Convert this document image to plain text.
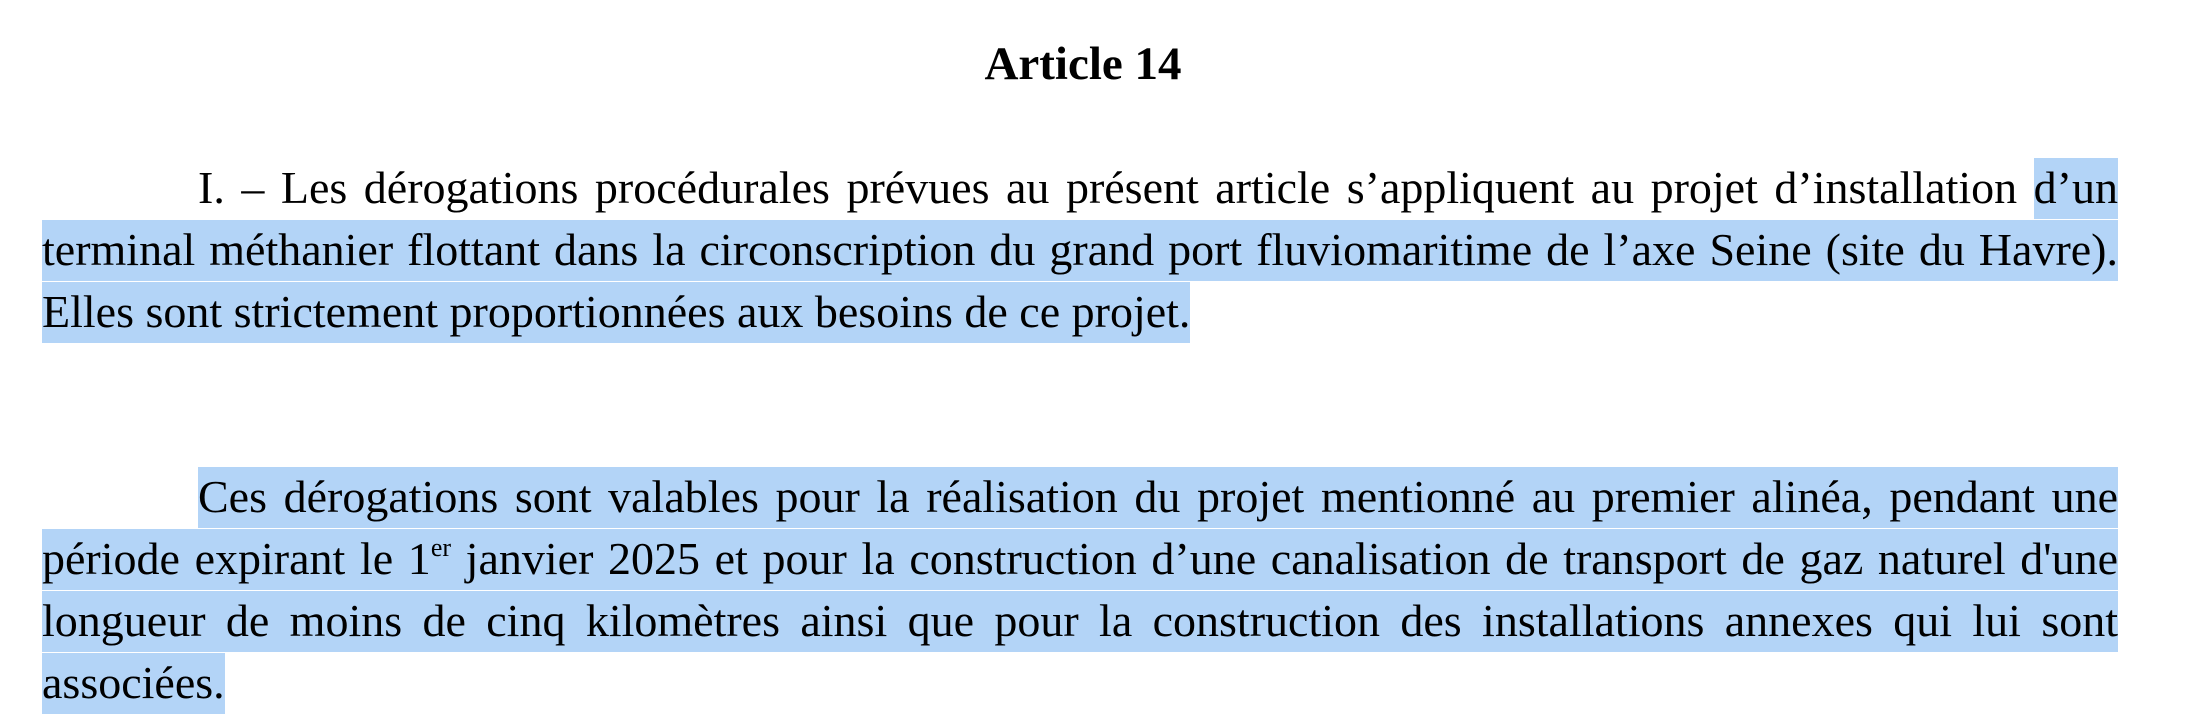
Article 14

I. – Les dérogations procédurales prévues au présent article s’appliquent au projet d’installation d’un terminal méthanier flottant dans la circonscription du grand port fluviomaritime de l’axe Seine (site du Havre). Elles sont strictement proportionnées aux besoins de ce projet.

Ces dérogations sont valables pour la réalisation du projet mentionné au premier alinéa, pendant une période expirant le 1er janvier 2025 et pour la construction d’une canalisation de transport de gaz naturel d'une longueur de moins de cinq kilomètres ainsi que pour la construction des installations annexes qui lui sont associées.
